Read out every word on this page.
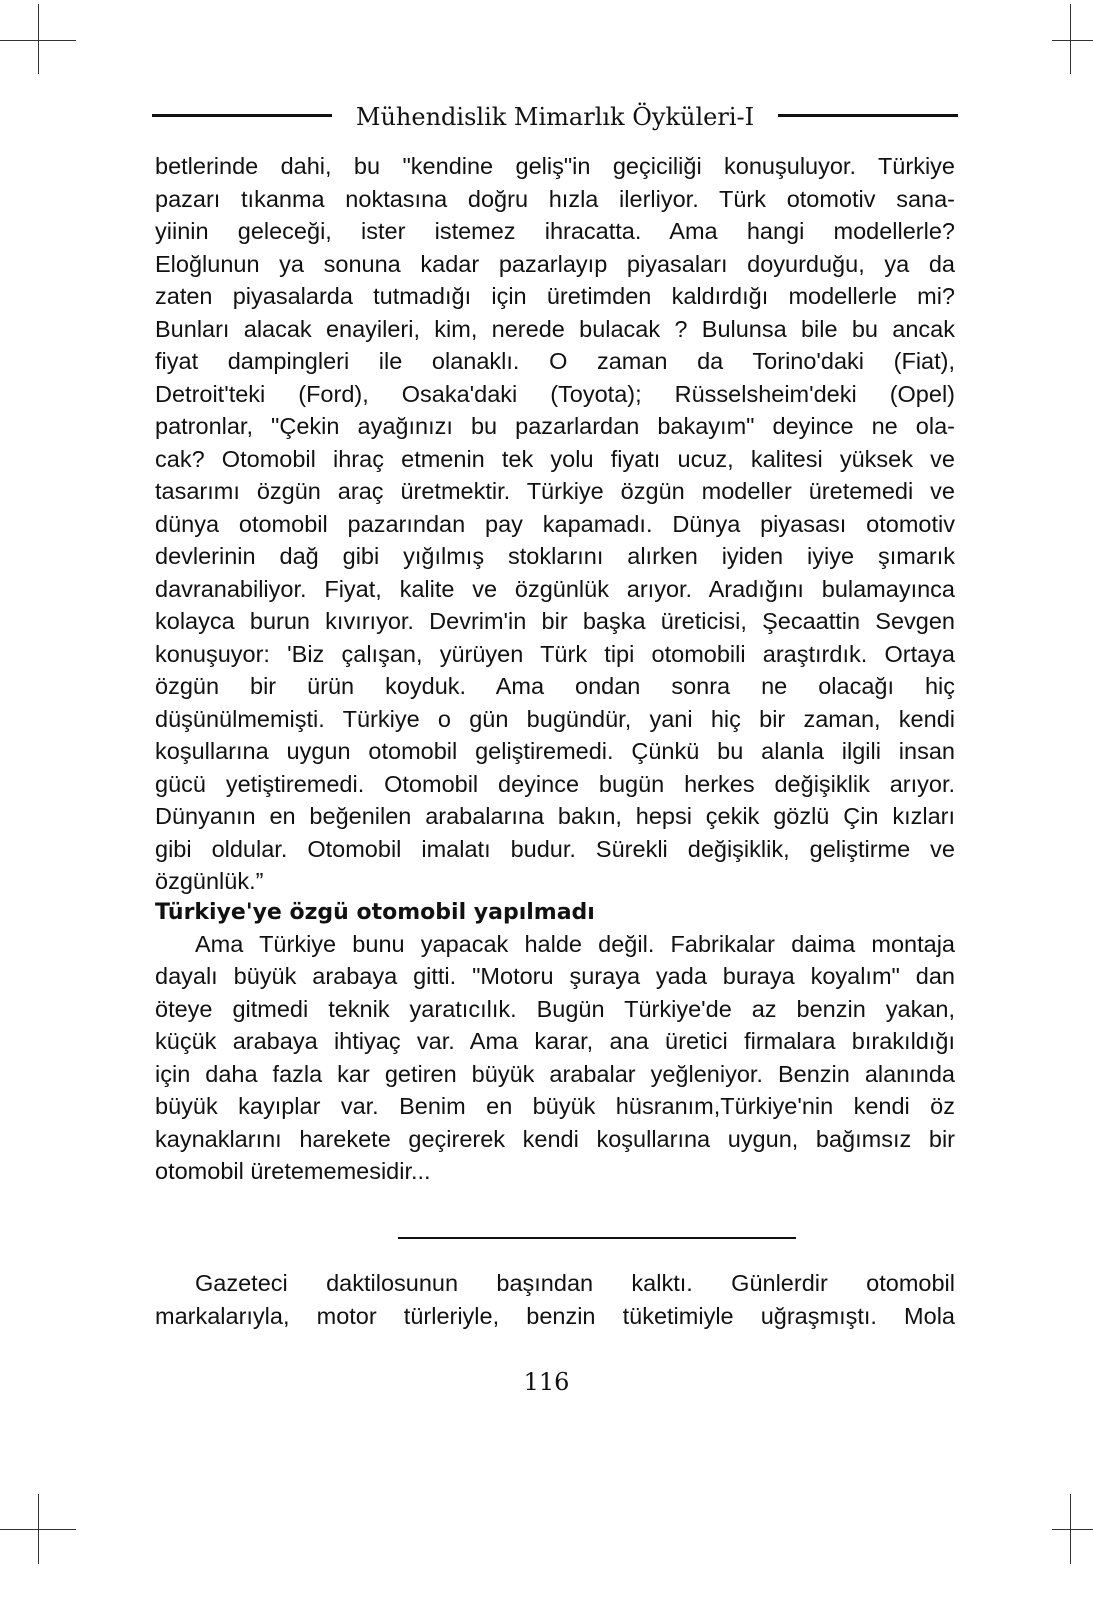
Mühendislik Mimarlık Öyküleri-I

betlerinde dahi, bu "kendine geliş"in geçiciliği konuşuluyor. Türkiye
pazarı tıkanma noktasına doğru hızla ilerliyor. Türk otomotiv sana-
yiinin geleceği, ister istemez ihracatta. Ama hangi modellerle?
Eloğlunun ya sonuna kadar pazarlayıp piyasaları doyurduğu, ya da
zaten piyasalarda tutmadığı için üretimden kaldırdığı modellerle mi?
Bunları alacak enayileri, kim, nerede bulacak ? Bulunsa bile bu ancak
fiyat dampingleri ile olanaklı. O zaman da Torino'daki (Fiat),
Detroit'teki (Ford), Osaka'daki (Toyota); Rüsselsheim'deki (Opel)
patronlar, "Çekin ayağınızı bu pazarlardan bakayım" deyince ne ola-
cak? Otomobil ihraç etmenin tek yolu fiyatı ucuz, kalitesi yüksek ve
tasarımı özgün araç üretmektir. Türkiye özgün modeller üretemedi ve
dünya otomobil pazarından pay kapamadı. Dünya piyasası otomotiv
devlerinin dağ gibi yığılmış stoklarını alırken iyiden iyiye şımarık
davranabiliyor. Fiyat, kalite ve özgünlük arıyor. Aradığını bulamayınca
kolayca burun kıvırıyor. Devrim'in bir başka üreticisi, Şecaattin Sevgen
konuşuyor: 'Biz çalışan, yürüyen Türk tipi otomobili araştırdık. Ortaya
özgün bir ürün koyduk. Ama ondan sonra ne olacağı hiç
düşünülmemişti. Türkiye o gün bugündür, yani hiç bir zaman, kendi
koşullarına uygun otomobil geliştiremedi. Çünkü bu alanla ilgili insan
gücü yetiştiremedi. Otomobil deyince bugün herkes değişiklik arıyor.
Dünyanın en beğenilen arabalarına bakın, hepsi çekik gözlü Çin kızları
gibi oldular. Otomobil imalatı budur. Sürekli değişiklik, geliştirme ve
özgünlük.”

Türkiye'ye özgü otomobil yapılmadı

Ama Türkiye bunu yapacak halde değil. Fabrikalar daima montaja
dayalı büyük arabaya gitti. "Motoru şuraya yada buraya koyalım" dan
öteye gitmedi teknik yaratıcılık. Bugün Türkiye'de az benzin yakan,
küçük arabaya ihtiyaç var. Ama karar, ana üretici firmalara bırakıldığı
için daha fazla kar getiren büyük arabalar yeğleniyor. Benzin alanında
büyük kayıplar var. Benim en büyük hüsranım,Türkiye'nin kendi öz
kaynaklarını harekete geçirerek kendi koşullarına uygun, bağımsız bir
otomobil üretememesidir...

Gazeteci daktilosunun başından kalktı. Günlerdir otomobil
markalarıyla, motor türleriyle, benzin tüketimiyle uğraşmıştı. Mola

116
